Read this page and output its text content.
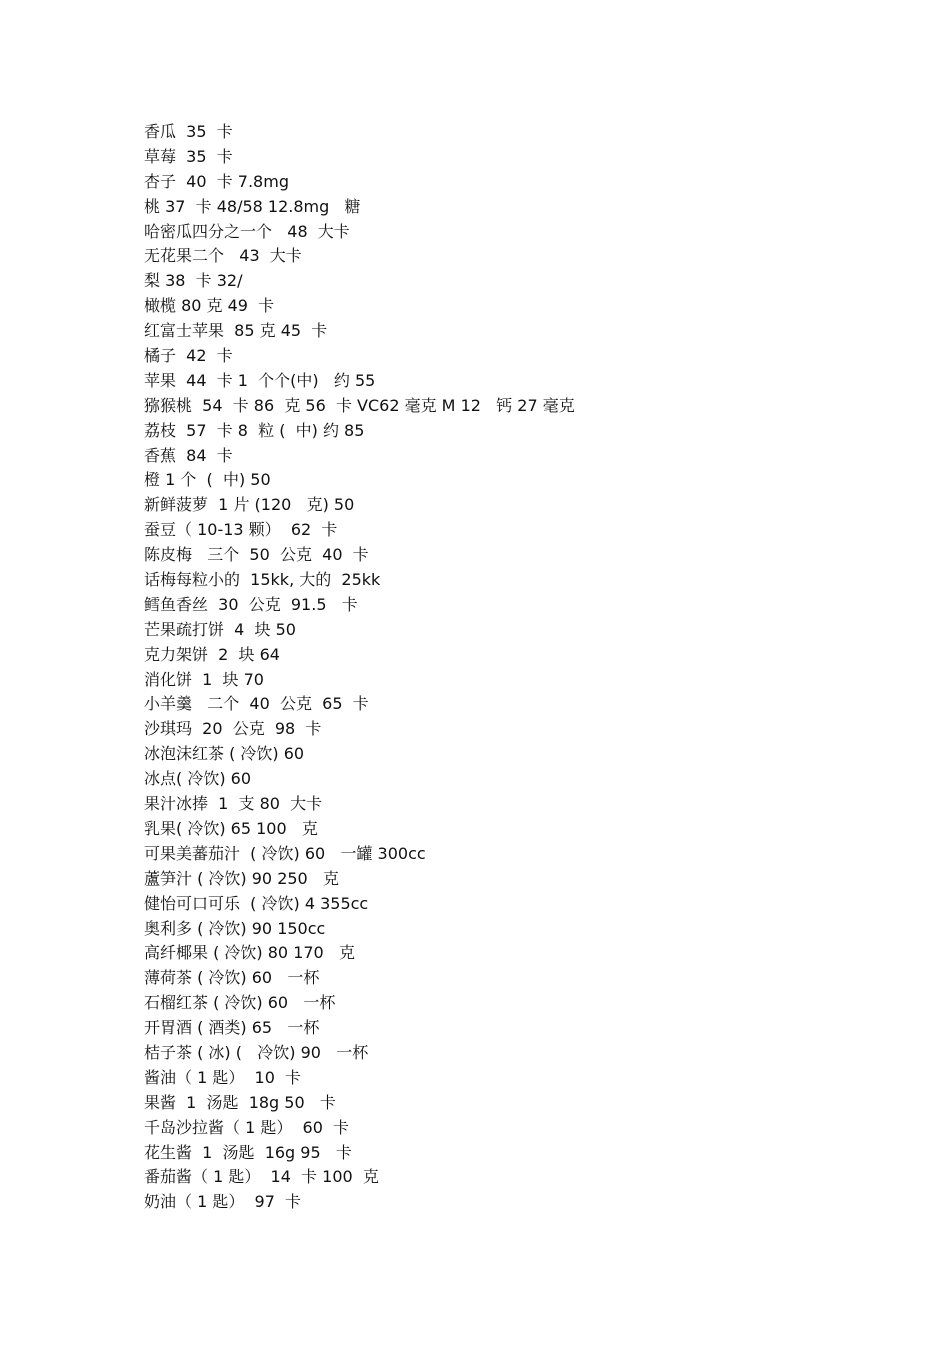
香瓜  35  卡
草莓  35  卡
杏子  40  卡 7.8mg
桃 37  卡 48/58 12.8mg   糖
哈密瓜四分之一个   48  大卡
无花果二个   43  大卡
梨 38  卡 32/
橄榄 80 克 49  卡
红富士苹果  85 克 45  卡
橘子  42  卡
苹果  44  卡 1  个个(中)   约 55
猕猴桃  54  卡 86  克 56  卡 VC62 毫克 M 12   钙 27 毫克
荔枝  57  卡 8  粒 (  中) 约 85
香蕉  84  卡
橙 1 个  (  中) 50
新鲜菠萝  1 片 (120   克) 50
蚕豆（ 10-13 颗）  62  卡
陈皮梅   三个  50  公克  40  卡
话梅每粒小的  15kk, 大的  25kk
鳕鱼香丝  30  公克  91.5   卡
芒果疏打饼  4  块 50
克力架饼  2  块 64
消化饼  1  块 70
小羊羹   二个  40  公克  65  卡
沙琪玛  20  公克  98  卡
冰泡沫红茶 ( 冷饮) 60
冰点( 冷饮) 60
果汁冰捧  1  支 80  大卡
乳果( 冷饮) 65 100   克
可果美蕃茄汁  ( 冷饮) 60   一罐 300cc
蘆笋汁 ( 冷饮) 90 250   克
健怡可口可乐  ( 冷饮) 4 355cc
奥利多 ( 冷饮) 90 150cc
高纤椰果 ( 冷饮) 80 170   克
薄荷茶 ( 冷饮) 60   一杯
石榴红茶 ( 冷饮) 60   一杯
开胃酒 ( 酒类) 65   一杯
桔子茶 ( 冰) (   冷饮) 90   一杯
酱油（ 1 匙）  10  卡
果酱  1  汤匙  18g 50   卡
千岛沙拉酱（ 1 匙）  60  卡
花生酱  1  汤匙  16g 95   卡
番茄酱（ 1 匙）  14  卡 100  克
奶油（ 1 匙）  97  卡
